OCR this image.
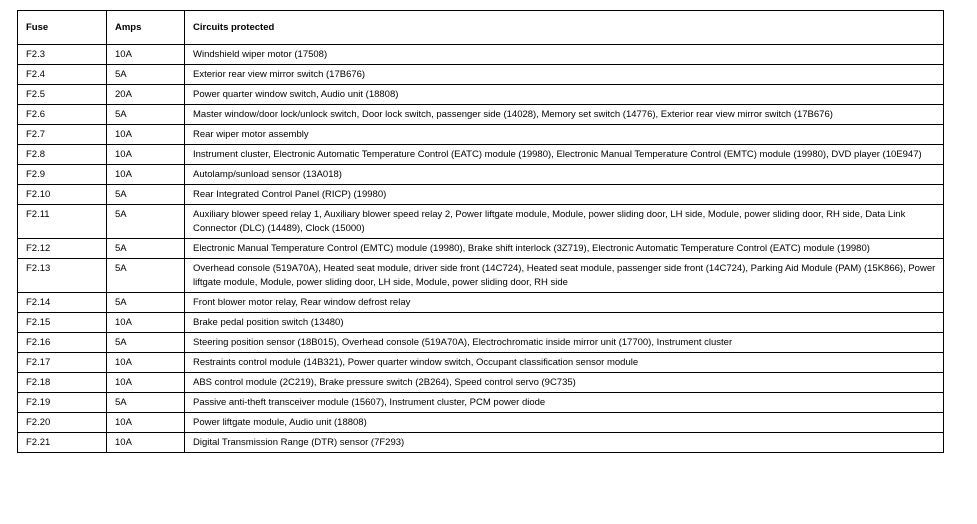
Fuse	Amps	Circuits protected
F2.3	10A	Windshield wiper motor (17508)
F2.4	5A	Exterior rear view mirror switch (17B676)
F2.5	20A	Power quarter window switch, Audio unit (18808)
F2.6	5A	Master window/door lock/unlock switch, Door lock switch, passenger side (14028), Memory set switch (14776), Exterior rear view mirror switch (17B676)
F2.7	10A	Rear wiper motor assembly
F2.8	10A	Instrument cluster, Electronic Automatic Temperature Control (EATC) module (19980), Electronic Manual Temperature Control (EMTC) module (19980), DVD player (10E947)
F2.9	10A	Autolamp/sunload sensor (13A018)
F2.10	5A	Rear Integrated Control Panel (RICP) (19980)
F2.11	5A	Auxiliary blower speed relay 1, Auxiliary blower speed relay 2, Power liftgate module, Module, power sliding door, LH side, Module, power sliding door, RH side, Data Link Connector (DLC) (14489), Clock (15000)
F2.12	5A	Electronic Manual Temperature Control (EMTC) module (19980), Brake shift interlock (3Z719), Electronic Automatic Temperature Control (EATC) module (19980)
F2.13	5A	Overhead console (519A70A), Heated seat module, driver side front (14C724), Heated seat module, passenger side front (14C724), Parking Aid Module (PAM) (15K866), Power liftgate module, Module, power sliding door, LH side, Module, power sliding door, RH side
F2.14	5A	Front blower motor relay, Rear window defrost relay
F2.15	10A	Brake pedal position switch (13480)
F2.16	5A	Steering position sensor (18B015), Overhead console (519A70A), Electrochromatic inside mirror unit (17700), Instrument cluster
F2.17	10A	Restraints control module (14B321), Power quarter window switch, Occupant classification sensor module
F2.18	10A	ABS control module (2C219), Brake pressure switch (2B264), Speed control servo (9C735)
F2.19	5A	Passive anti-theft transceiver module (15607), Instrument cluster, PCM power diode
F2.20	10A	Power liftgate module, Audio unit (18808)
F2.21	10A	Digital Transmission Range (DTR) sensor (7F293)
